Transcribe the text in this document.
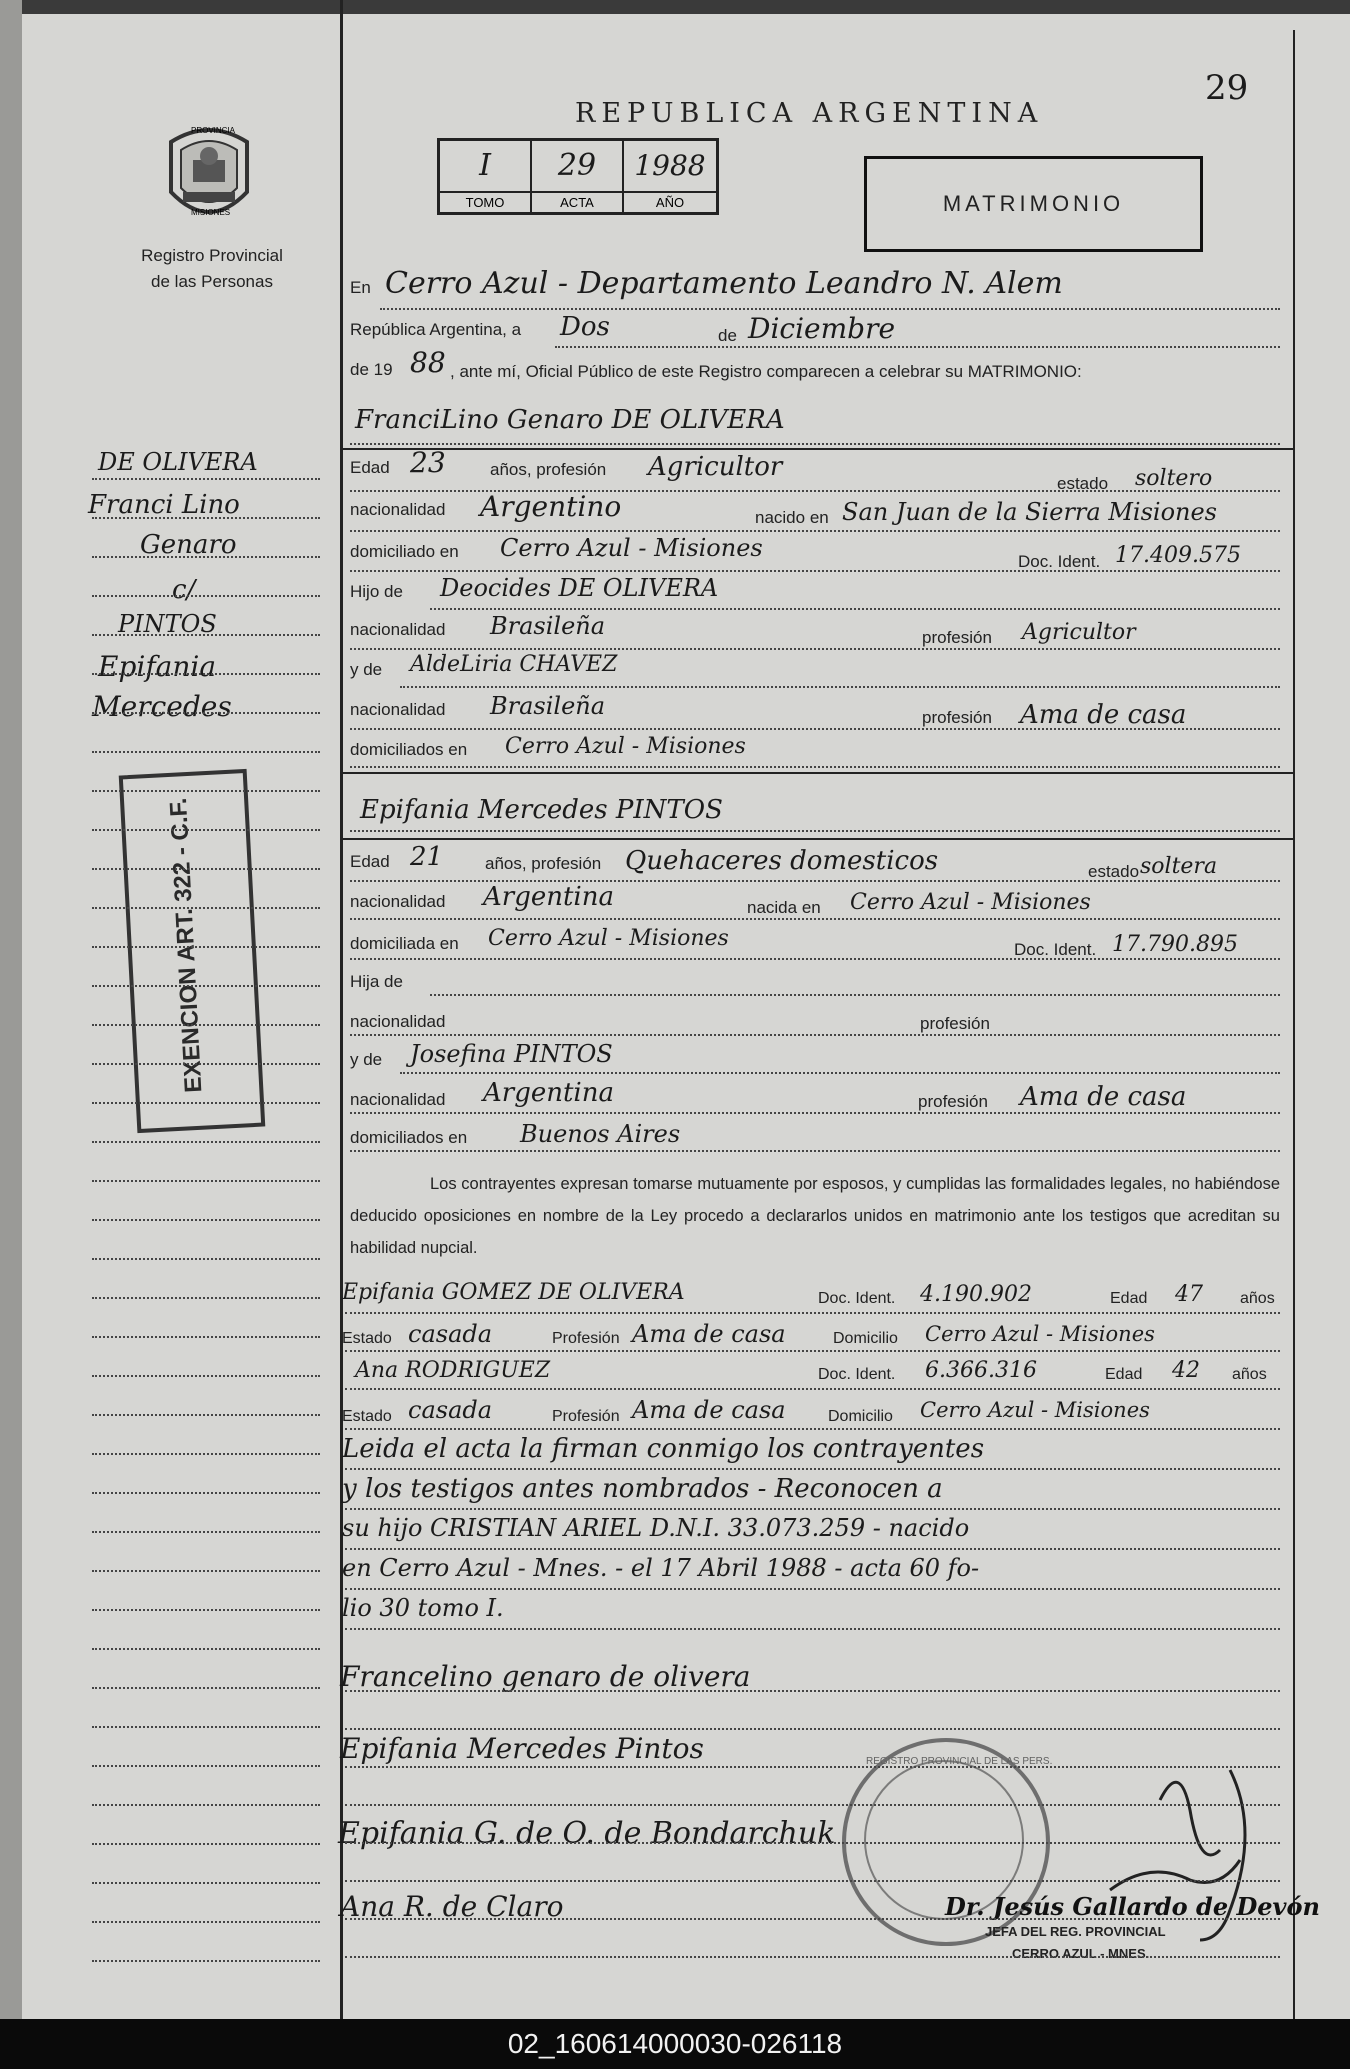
29
PROVINCIA
MISIONES
Registro Provincial
de las Personas
REPUBLICA ARGENTINA
I	29	1988
TOMO	ACTA	AÑO	MATRIMONIO
DE OLIVERA
Franci Lino
Genaro
c/
PINTOS
Epifania
Mercedes
EXENCION ART. 322 - C.F.
En Cerro Azul - Departamento Leandro N. Alem
República Argentina, a Dos	de Diciembre
de 19 88 , ante mí, Oficial Público de este Registro comparecen a celebrar su MATRIMONIO:
FranciLino Genaro DE OLIVERA
Edad 23	años, profesión Agricultor
estado soltero
nacionalidad Argentino	nacido en San Juan de la Sierra Misiones
domiciliado en Cerro Azul - Misiones	Doc. Ident. 17.409.575
Hijo de Deocides DE OLIVERA
nacionalidad Brasileña	profesión Agricultor
y de AldeLiria CHAVEZ
nacionalidad Brasileña	profesión Ama de casa
domiciliados en Cerro Azul - Misiones
Epifania Mercedes PINTOS
Edad 21 años, profesión Quehaceres domesticos	estado soltera
nacionalidad Argentina	nacida en Cerro Azul - Misiones
domiciliada en Cerro Azul - Misiones	Doc. Ident. 17.790.895
Hija de
nacionalidad	profesión
y de Josefina PINTOS
nacionalidad Argentina	profesión Ama de casa
domiciliados en Buenos Aires
Los contrayentes expresan tomarse mutuamente por esposos, y cumplidas las formalidades legales, no habiéndose deducido oposiciones en nombre de la Ley procedo a declararlos unidos en matrimonio ante los testigos que acreditan su habilidad nupcial.
Epifania GOMEZ DE OLIVERA	Doc. Ident. 4.190.902	Edad 47 años
Estado casada	Profesión Ama de casa	Domicilio Cerro Azul - Misiones
Ana RODRIGUEZ	Doc. Ident. 6.366.316	Edad 42 años
Estado casada	Profesión Ama de casa	Domicilio Cerro Azul - Misiones
Leida el acta la firman conmigo los contrayentes
y los testigos antes nombrados - Reconocen a
su hijo CRISTIAN ARIEL D.N.I. 33.073.259 - nacido
en Cerro Azul - Mnes. - el 17 Abril 1988 - acta 60 fo-
lio 30 tomo I.
Francelino genaro de olivera
Epifania Mercedes Pintos
Epifania G. de O. de Bondarchuk
Ana R. de Claro
REGISTRO PROVINCIAL DE LAS PERS.
Dr. Jesús Gallardo de Devón
JEFA DEL REG. PROVINCIAL
CERRO AZUL - MNES.
02_160614000030-026118
